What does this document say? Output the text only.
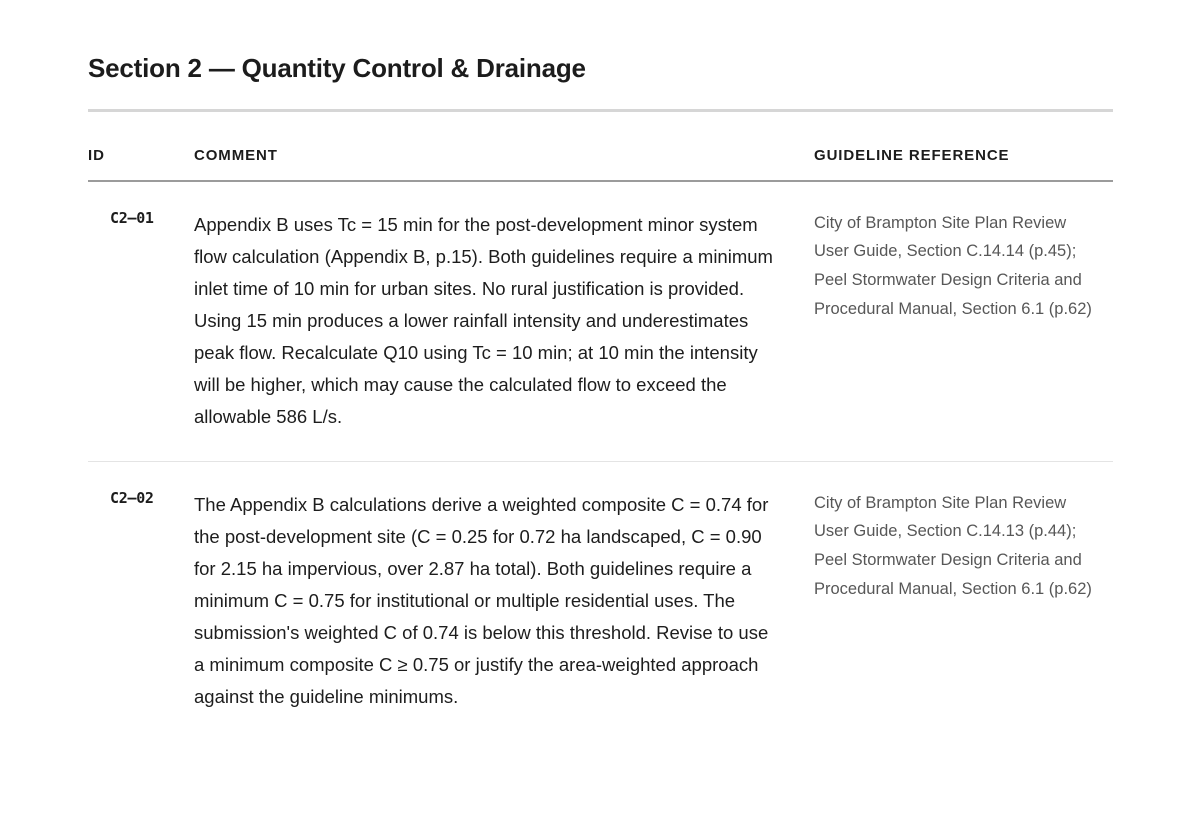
Section 2 — Quantity Control & Drainage
ID	COMMENT	GUIDELINE REFERENCE
C2–01	Appendix B uses Tc = 15 min for the post-development minor system flow calculation (Appendix B, p.15). Both guidelines require a minimum inlet time of 10 min for urban sites. No rural justification is provided. Using 15 min produces a lower rainfall intensity and underestimates peak flow. Recalculate Q10 using Tc = 10 min; at 10 min the intensity will be higher, which may cause the calculated flow to exceed the allowable 586 L/s.	City of Brampton Site Plan Review User Guide, Section C.14.14 (p.45); Peel Stormwater Design Criteria and Procedural Manual, Section 6.1 (p.62)

C2–02	The Appendix B calculations derive a weighted composite C = 0.74 for the post-development site (C = 0.25 for 0.72 ha landscaped, C = 0.90 for 2.15 ha impervious, over 2.87 ha total). Both guidelines require a minimum C = 0.75 for institutional or multiple residential uses. The submission's weighted C of 0.74 is below this threshold. Revise to use a minimum composite C ≥ 0.75 or justify the area-weighted approach against the guideline minimums.	City of Brampton Site Plan Review User Guide, Section C.14.13 (p.44); Peel Stormwater Design Criteria and Procedural Manual, Section 6.1 (p.62)
